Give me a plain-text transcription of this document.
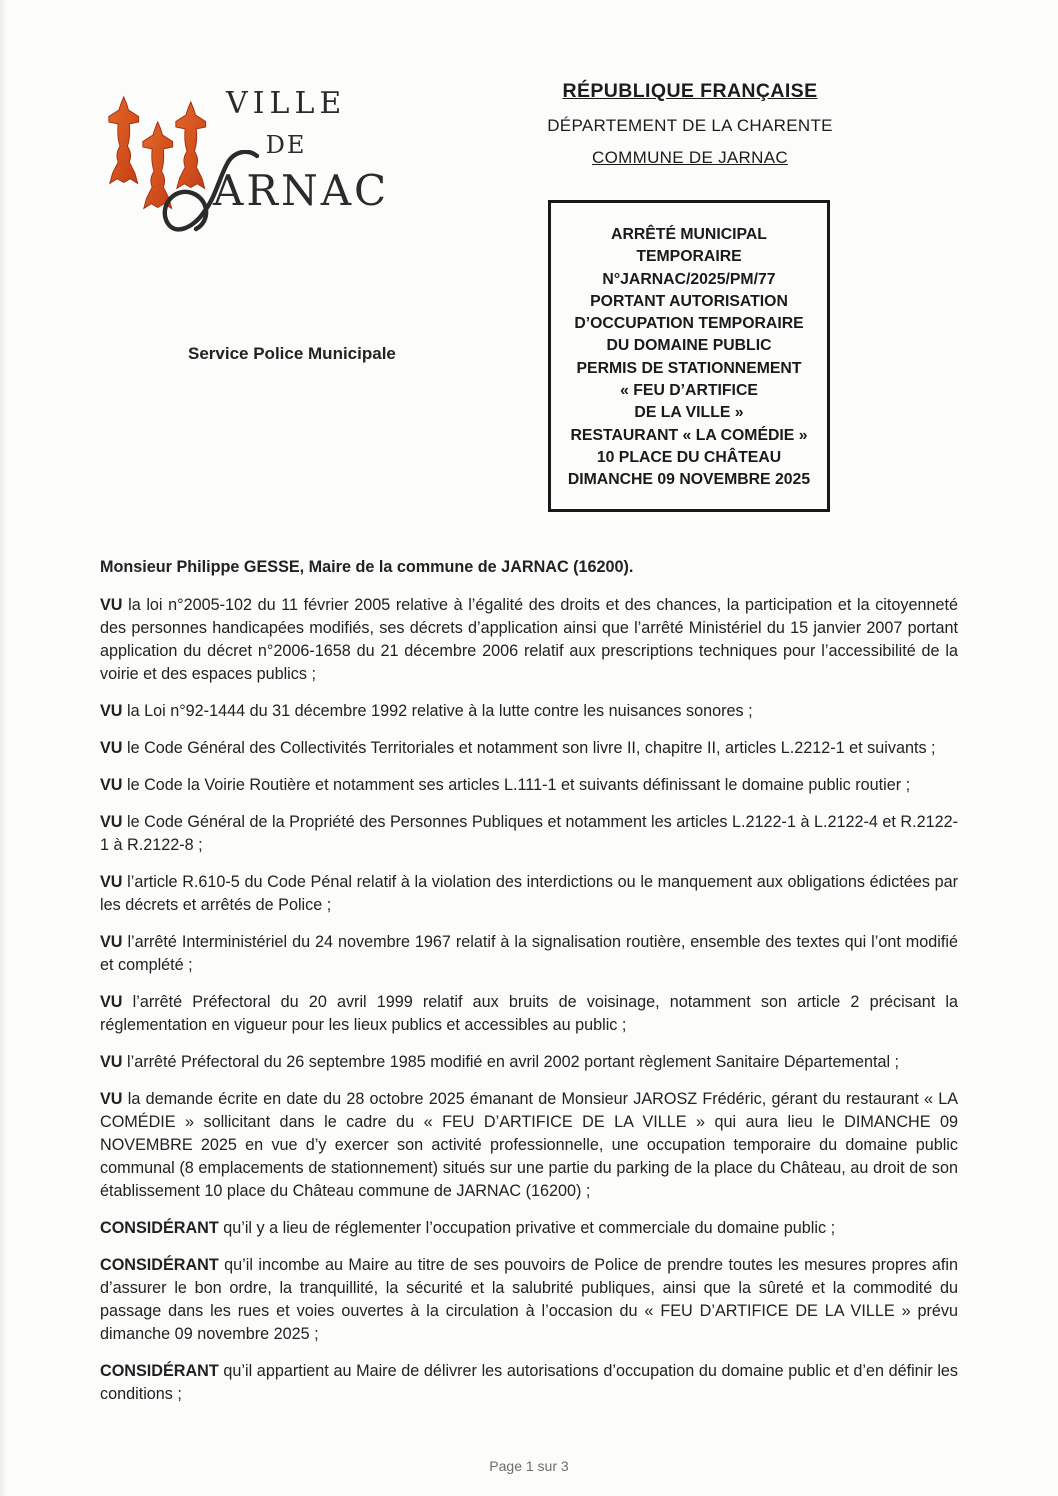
VILLE
DE
ARNAC
Service Police Municipale
RÉPUBLIQUE FRANÇAISE
DÉPARTEMENT DE LA CHARENTE
COMMUNE DE JARNAC
ARRÊTÉ MUNICIPAL
TEMPORAIRE
N°JARNAC/2025/PM/77
PORTANT AUTORISATION
D’OCCUPATION TEMPORAIRE
DU DOMAINE PUBLIC
PERMIS DE STATIONNEMENT
« FEU D’ARTIFICE
DE LA VILLE »
RESTAURANT « LA COMÉDIE »
10 PLACE DU CHÂTEAU
DIMANCHE 09 NOVEMBRE 2025

Monsieur Philippe GESSE, Maire de la commune de JARNAC (16200).

VU la loi n°2005-102 du 11 février 2005 relative à l’égalité des droits et des chances, la participation et la citoyenneté des personnes handicapées modifiés, ses décrets d’application ainsi que l’arrêté Ministériel du 15 janvier 2007 portant application du décret n°2006-1658 du 21 décembre 2006 relatif aux prescriptions techniques pour l’accessibilité de la voirie et des espaces publics ;

VU la Loi n°92-1444 du 31 décembre 1992 relative à la lutte contre les nuisances sonores ;

VU le Code Général des Collectivités Territoriales et notamment son livre II, chapitre II, articles L.2212-1 et suivants ;

VU le Code la Voirie Routière et notamment ses articles L.111-1 et suivants définissant le domaine public routier ;

VU le Code Général de la Propriété des Personnes Publiques et notamment les articles L.2122-1 à L.2122-4 et R.2122-1 à R.2122-8 ;

VU l’article R.610-5 du Code Pénal relatif à la violation des interdictions ou le manquement aux obligations édictées par les décrets et arrêtés de Police ;

VU l’arrêté Interministériel du 24 novembre 1967 relatif à la signalisation routière, ensemble des textes qui l’ont modifié et complété ;

VU l’arrêté Préfectoral du 20 avril 1999 relatif aux bruits de voisinage, notamment son article 2 précisant la réglementation en vigueur pour les lieux publics et accessibles au public ;

VU l’arrêté Préfectoral du 26 septembre 1985 modifié en avril 2002 portant règlement Sanitaire Départemental ;

VU la demande écrite en date du 28 octobre 2025 émanant de Monsieur JAROSZ Frédéric, gérant du restaurant « LA COMÉDIE » sollicitant dans le cadre du « FEU D’ARTIFICE DE LA VILLE » qui aura lieu le DIMANCHE 09 NOVEMBRE 2025 en vue d’y exercer son activité professionnelle, une occupation temporaire du domaine public communal (8 emplacements de stationnement) situés sur une partie du parking de la place du Château, au droit de son établissement 10 place du Château commune de JARNAC (16200) ;

CONSIDÉRANT qu’il y a lieu de réglementer l’occupation privative et commerciale du domaine public ;

CONSIDÉRANT qu’il incombe au Maire au titre de ses pouvoirs de Police de prendre toutes les mesures propres afin d’assurer le bon ordre, la tranquillité, la sécurité et la salubrité publiques, ainsi que la sûreté et la commodité du passage dans les rues et voies ouvertes à la circulation à l’occasion du « FEU D’ARTIFICE DE LA VILLE » prévu dimanche 09 novembre 2025 ;

CONSIDÉRANT qu’il appartient au Maire de délivrer les autorisations d’occupation du domaine public et d’en définir les conditions ;

Page 1 sur 3
